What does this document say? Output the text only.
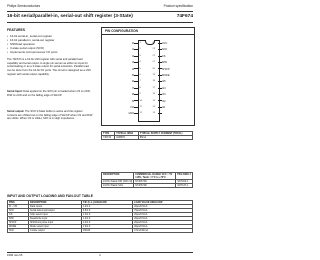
Philips Semiconductors	Product specification
16-bit serial/parallel-in, serial-out shift register (3-State)	74F674
FEATURES
• 16-bit serial-in, serial-out register
• 16-bit parallel-in, serial-out register
• Shift/load operation
• 3-state serial output (SI/O)
• Implements microprocessor I/O ports

The 74F674 is a 16-bit shift register with serial and parallel load capability and serial output. A single pin serves as either an input for serial loading or as a 3-state output for serial extraction. Parallel load can be done from the 16-bit I/O ports. The circuit is designed as a shift register with serial output capability.

Serial Input: Data applied on the SI/O pin is loaded when CS is LOW, R/W is LOW and on the falling edge of SH/CP.

Serial output: The SI/O 3-State buffer is active and the register contents are shifted out on the falling edge of SH/CP when CS and R/W are HIGH. When CS is HIGH, SI/O is in High impedance.

PIN CONFIGURATION
I0	1
I1	2
I2	3
I3	4
I4	5
I5	6
I6	7
I7	8
I8	9
I9	10
I10	11
GND	12
VCC
24
SI/O
23
CS
22
R/W
21
SH/CP
20
MODE
19
I15
18
I14
17
I13
16
I12
15
I11
14
13
TYPE	TYPICAL fMAX	TYPICAL SUPPLY CURRENT (TOTAL)
74F674	100MHz	85mA
DESCRIPTION	COMMERCIAL RANGE VCC = 5V ±10%, Tamb = 0°C to +70°C	PKG DWG #
24-Pin Plastic DIP (300 mil)	N74F674N	SOT222-1
24-Pin Plastic SOL	N74F674D	SOT137-1
INPUT AND OUTPUT LOADING AND FAN-OUT TABLE
PINS	DESCRIPTION	74F (U.L.) HIGH/LOW	LOAD VALUE HIGH/LOW
I0 – I15	Data inputs	1.0/1.0	20µA/0.6mA
SI/O	Serial data input/output	3.5/1.0	70µA/0.6mA
CS	Chip select input	1.0/1.0	20µA/0.6mA
R/W	Read/write input	1.0/1.0	20µA/0.6mA
SH/CP	Shift/clock pulse input	1.0/1.0	20µA/0.6mA
MODE	Mode select input	1.0/1.0	20µA/0.6mA
SI/O	3-state output	150/40	3.0mA/24mA
1996 Jan 05	2
